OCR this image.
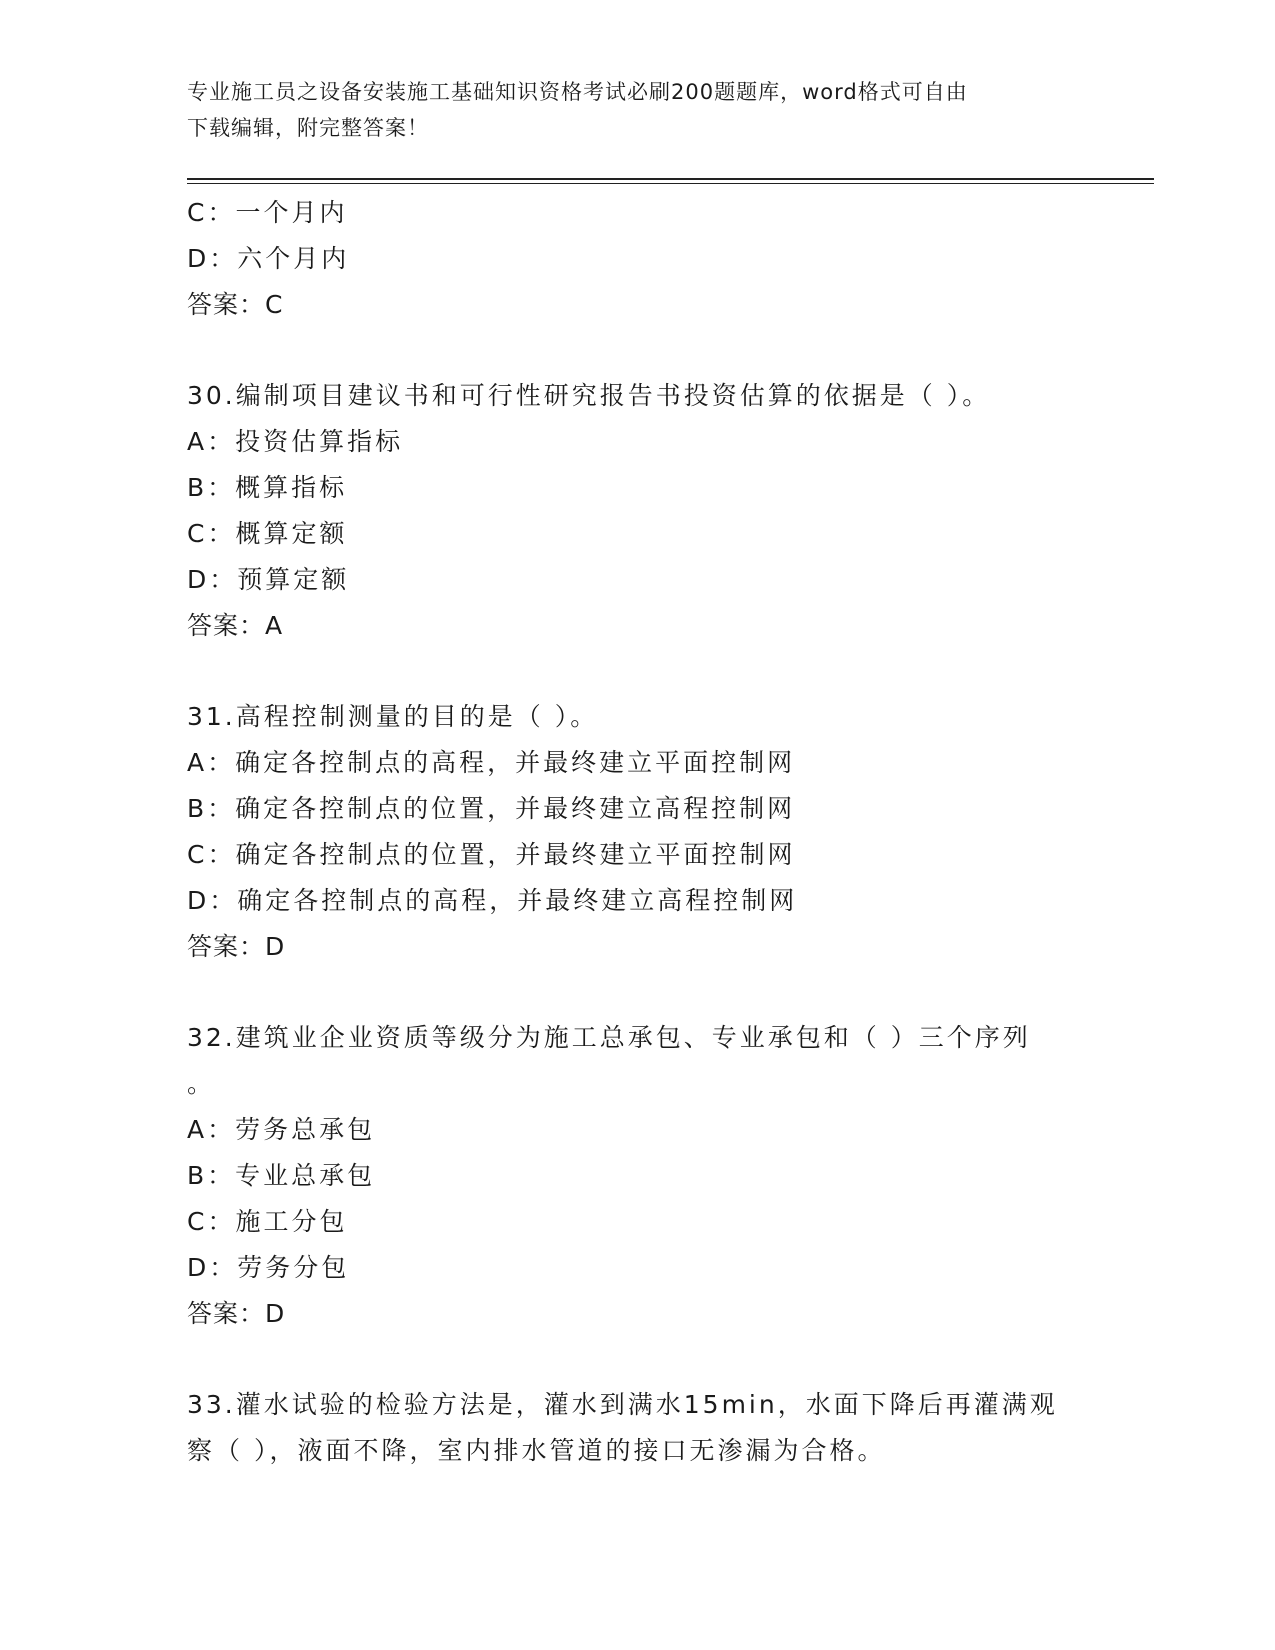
专业施工员之设备安装施工基础知识资格考试必刷200题题库，word格式可自由
下载编辑，附完整答案！
C：一个月内
D：六个月内
答案：C
30.编制项目建议书和可行性研究报告书投资估算的依据是（ ）。
A：投资估算指标
B：概算指标
C：概算定额
D：预算定额
答案：A
31.高程控制测量的目的是（ ）。
A：确定各控制点的高程，并最终建立平面控制网
B：确定各控制点的位置，并最终建立高程控制网
C：确定各控制点的位置，并最终建立平面控制网
D：确定各控制点的高程，并最终建立高程控制网
答案：D
32.建筑业企业资质等级分为施工总承包、专业承包和（ ）三个序列
。
A：劳务总承包
B：专业总承包
C：施工分包
D：劳务分包
答案：D
33.灌水试验的检验方法是，灌水到满水15min，水面下降后再灌满观
察（ ），液面不降，室内排水管道的接口无渗漏为合格。
